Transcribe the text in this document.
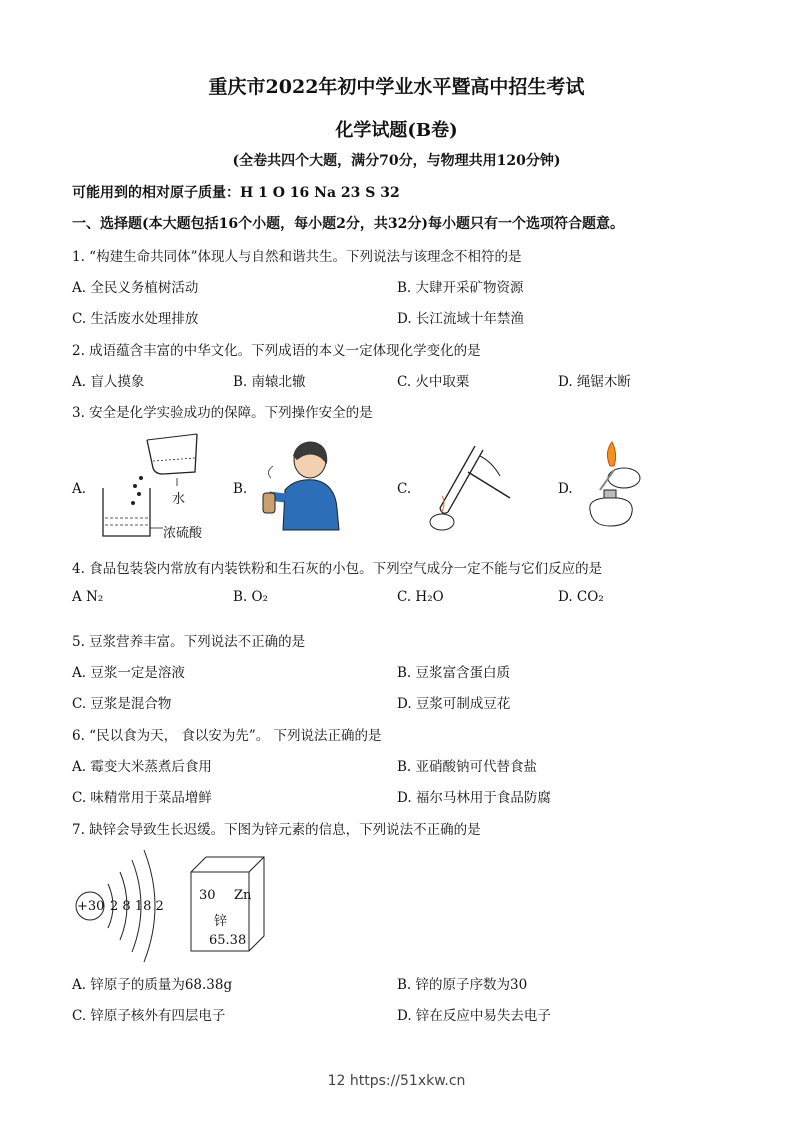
重庆市2022年初中学业水平暨高中招生考试
化学试题(B卷)
(全卷共四个大题，满分70分，与物理共用120分钟)
可能用到的相对原子质量：H 1 O 16 Na 23 S 32
一、选择题(本大题包括16个小题，每小题2分，共32分)每小题只有一个选项符合题意。
1. “构建生命共同体”体现人与自然和谐共生。下列说法与该理念不相符的是
A. 全民义务植树活动	B. 大肆开采矿物资源
C. 生活废水处理排放	D. 长江流域十年禁渔
2. 成语蕴含丰富的中华文化。下列成语的本义一定体现化学变化的是
A. 盲人摸象	B. 南辕北辙	C. 火中取栗	D. 绳锯木断
3. 安全是化学实验成功的保障。下列操作安全的是
A.	B.	C.	D.
水
浓硫酸
4. 食品包装袋内常放有内装铁粉和生石灰的小包。下列空气成分一定不能与它们反应的是
A N₂	B. O₂	C. H₂O	D. CO₂
5. 豆浆营养丰富。下列说法不正确的是
A. 豆浆一定是溶液	B. 豆浆富含蛋白质
C. 豆浆是混合物	D. 豆浆可制成豆花
6. “民以食为天， 食以安为先”。 下列说法正确的是
A. 霉变大米蒸煮后食用	B. 亚硝酸钠可代替食盐
C. 味精常用于菜品增鲜	D. 福尔马林用于食品防腐
7. 缺锌会导致生长迟缓。下图为锌元素的信息，下列说法不正确的是
+30 2 8 18 2
30 Zn
锌
65.38
A. 锌原子的质量为68.38g	B. 锌的原子序数为30
C. 锌原子核外有四层电子	D. 锌在反应中易失去电子
12 https://51xkw.cn
